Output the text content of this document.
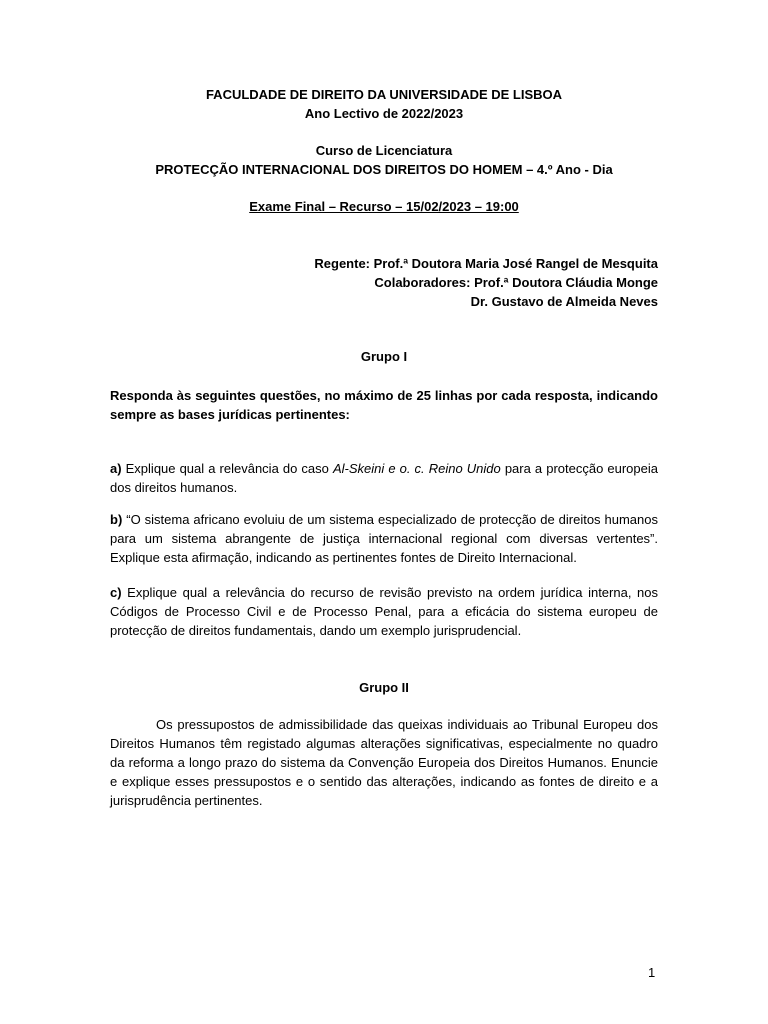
FACULDADE DE DIREITO DA UNIVERSIDADE DE LISBOA
Ano Lectivo de 2022/2023
Curso de Licenciatura
PROTECÇÃO INTERNACIONAL DOS DIREITOS DO HOMEM – 4.º Ano - Dia
Exame Final – Recurso – 15/02/2023 – 19:00
Regente: Prof.ª Doutora Maria José Rangel de Mesquita
Colaboradores: Prof.ª Doutora Cláudia Monge
Dr. Gustavo de Almeida Neves
Grupo I
Responda às seguintes questões, no máximo de 25 linhas por cada resposta, indicando sempre as bases jurídicas pertinentes:
a) Explique qual a relevância do caso Al-Skeini e o. c. Reino Unido para a protecção europeia dos direitos humanos.
b) “O sistema africano evoluiu de um sistema especializado de protecção de direitos humanos para um sistema abrangente de justiça internacional regional com diversas vertentes”. Explique esta afirmação, indicando as pertinentes fontes de Direito Internacional.
c) Explique qual a relevância do recurso de revisão previsto na ordem jurídica interna, nos Códigos de Processo Civil e de Processo Penal, para a eficácia do sistema europeu de protecção de direitos fundamentais, dando um exemplo jurisprudencial.
Grupo II
Os pressupostos de admissibilidade das queixas individuais ao Tribunal Europeu dos Direitos Humanos têm registado algumas alterações significativas, especialmente no quadro da reforma a longo prazo do sistema da Convenção Europeia dos Direitos Humanos. Enuncie e explique esses pressupostos e o sentido das alterações, indicando as fontes de direito e a jurisprudência pertinentes.
1
